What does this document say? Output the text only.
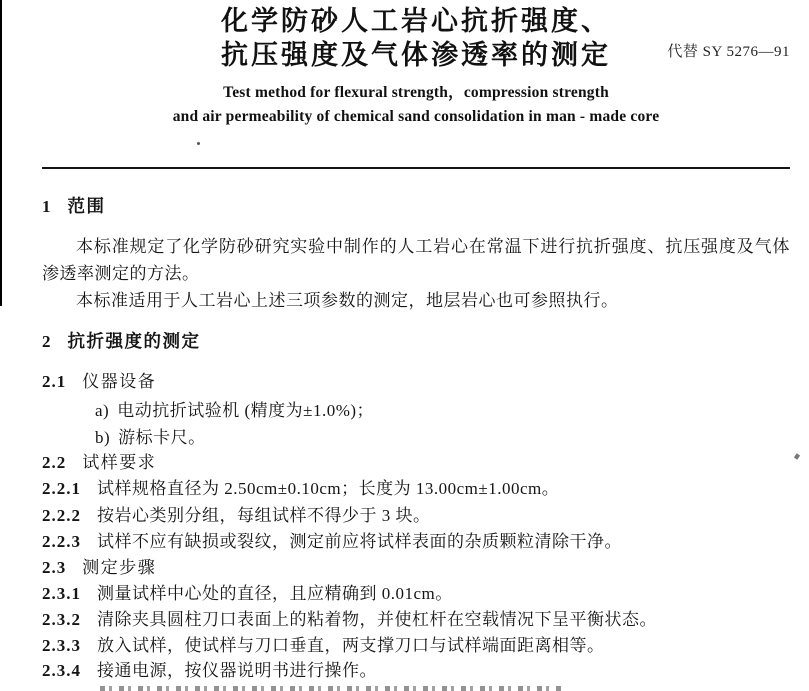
化学防砂人工岩心抗折强度、
抗压强度及气体渗透率的测定	代替 SY 5276—91
Test method for flexural strength，compression strength
and air permeability of chemical sand consolidation in man - made core
1 范围
本标准规定了化学防砂研究实验中制作的人工岩心在常温下进行抗折强度、抗压强度及气体渗透率测定的方法。
本标准适用于人工岩心上述三项参数的测定，地层岩心也可参照执行。
2 抗折强度的测定
2.1 仪器设备
a) 电动抗折试验机 (精度为±1.0%)；
b) 游标卡尺。
2.2 试样要求
2.2.1 试样规格直径为 2.50cm±0.10cm；长度为 13.00cm±1.00cm。
2.2.2 按岩心类别分组，每组试样不得少于 3 块。
2.2.3 试样不应有缺损或裂纹，测定前应将试样表面的杂质颗粒清除干净。
2.3 测定步骤
2.3.1 测量试样中心处的直径，且应精确到 0.01cm。
2.3.2 清除夹具圆柱刀口表面上的粘着物，并使杠杆在空载情况下呈平衡状态。
2.3.3 放入试样，使试样与刀口垂直，两支撑刀口与试样端面距离相等。
2.3.4 接通电源，按仪器说明书进行操作。
